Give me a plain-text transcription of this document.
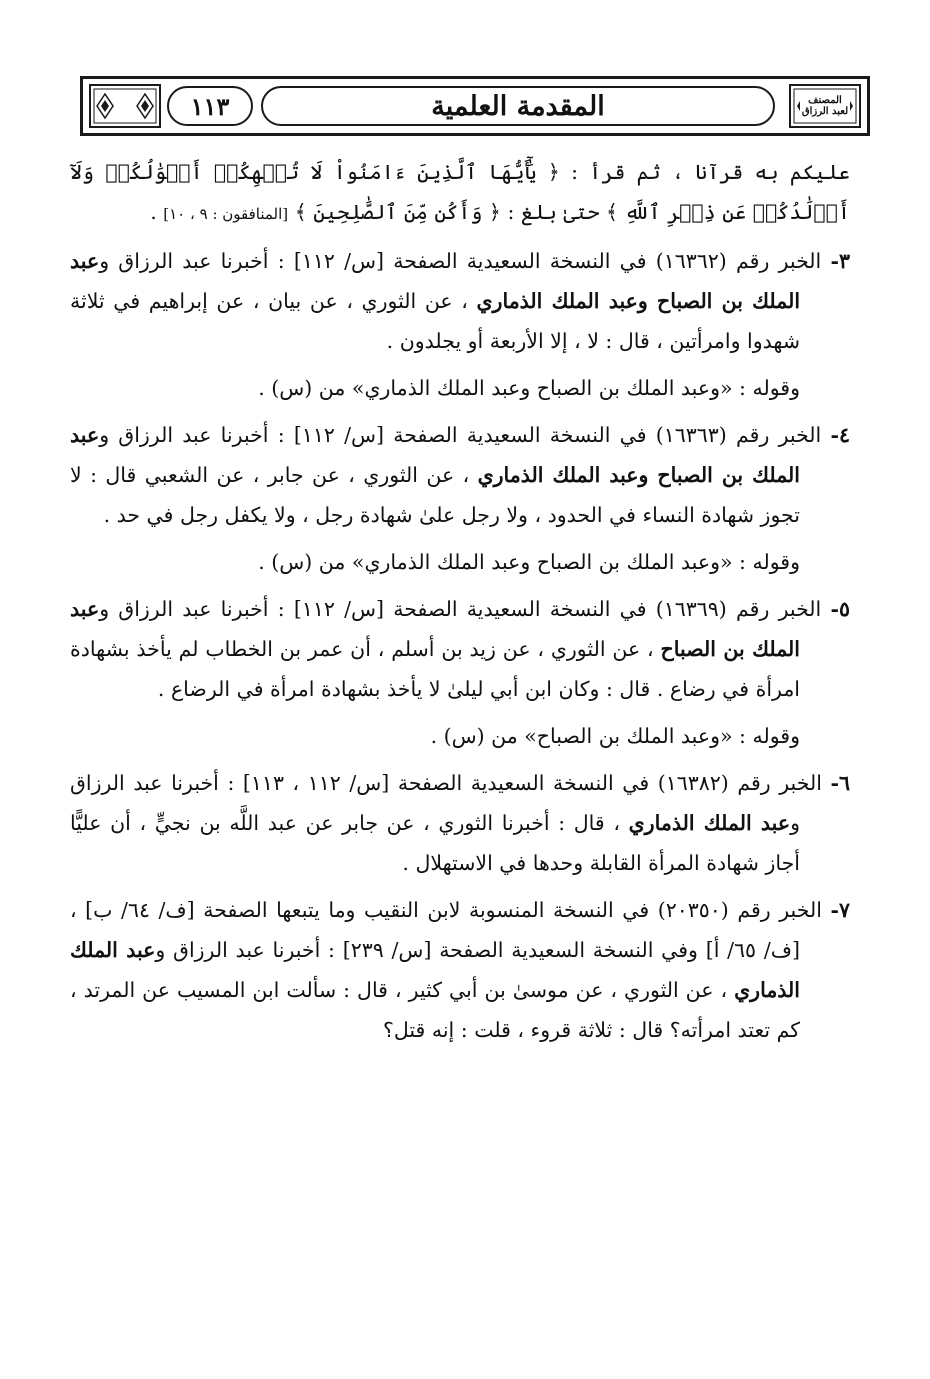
١١٣	المقدمة العلمية	المصنف
لعبد الرزاق

عليكم به قرآنا ، ثم قرأ : ﴿ يَٰٓأَيُّهَا ٱلَّذِينَ ءَامَنُواْ لَا تُلۡهِكُمۡ أَمۡوَٰلُكُمۡ وَلَآ أَوۡلَٰدُكُمۡ عَن ذِكۡرِ ٱللَّهِ ﴾ حتىٰ بلغ : ﴿ وَأَكُن مِّنَ ٱلصَّٰلِحِينَ ﴾ [المنافقون : ٩ ، ١٠] .

٣- الخبر رقم (١٦٣٦٢) في النسخة السعيدية الصفحة [س/ ١١٢] : أخبرنا عبد الرزاق وعبد الملك بن الصباح وعبد الملك الذماري ، عن الثوري ، عن بيان ، عن إبراهيم في ثلاثة شهدوا وامرأتين ، قال : لا ، إلا الأربعة أو يجلدون .

وقوله : «وعبد الملك بن الصباح وعبد الملك الذماري» من (س) .

٤- الخبر رقم (١٦٣٦٣) في النسخة السعيدية الصفحة [س/ ١١٢] : أخبرنا عبد الرزاق وعبد الملك بن الصباح وعبد الملك الذماري ، عن الثوري ، عن جابر ، عن الشعبي قال : لا تجوز شهادة النساء في الحدود ، ولا رجل علىٰ شهادة رجل ، ولا يكفل رجل في حد .

وقوله : «وعبد الملك بن الصباح وعبد الملك الذماري» من (س) .

٥- الخبر رقم (١٦٣٦٩) في النسخة السعيدية الصفحة [س/ ١١٢] : أخبرنا عبد الرزاق وعبد الملك بن الصباح ، عن الثوري ، عن زيد بن أسلم ، أن عمر بن الخطاب لم يأخذ بشهادة امرأة في رضاع . قال : وكان ابن أبي ليلىٰ لا يأخذ بشهادة امرأة في الرضاع .

وقوله : «وعبد الملك بن الصباح» من (س) .

٦- الخبر رقم (١٦٣٨٢) في النسخة السعيدية الصفحة [س/ ١١٢ ، ١١٣] : أخبرنا عبد الرزاق وعبد الملك الذماري ، قال : أخبرنا الثوري ، عن جابر عن عبد اللَّه بن نجيٍّ ، أن عليًّا أجاز شهادة المرأة القابلة وحدها في الاستهلال .

٧- الخبر رقم (٢٠٣٥٠) في النسخة المنسوبة لابن النقيب وما يتبعها الصفحة [ف/ ٦٤/ ب] ، [ف/ ٦٥/ أ] وفي النسخة السعيدية الصفحة [س/ ٢٣٩] : أخبرنا عبد الرزاق وعبد الملك الذماري ، عن الثوري ، عن موسىٰ بن أبي كثير ، قال : سألت ابن المسيب عن المرتد ، كم تعتد امرأته؟ قال : ثلاثة قروء ، قلت : إنه قتل؟
